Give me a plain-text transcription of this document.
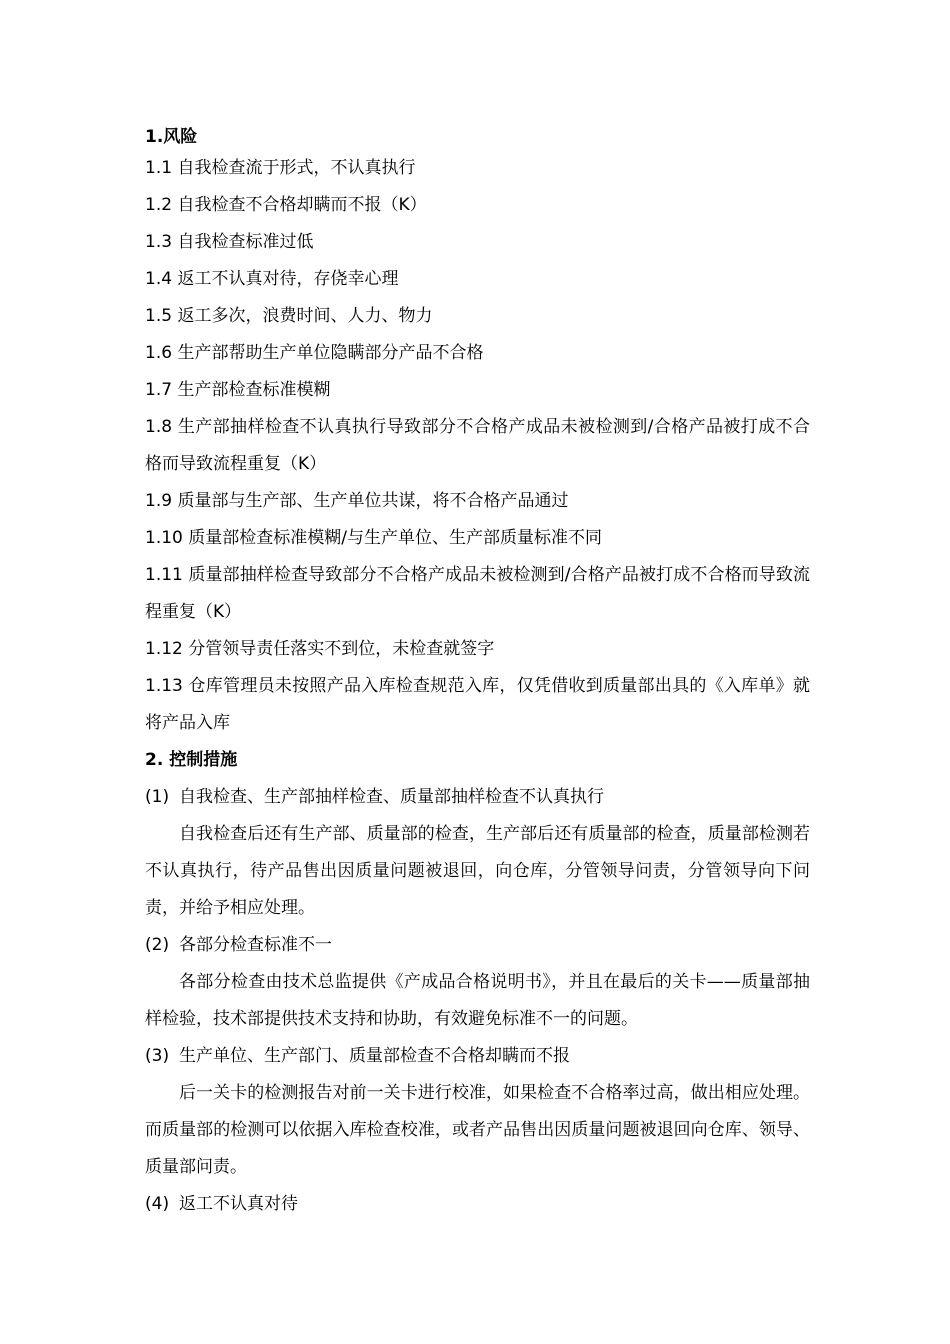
1.风险
1.1 自我检查流于形式，不认真执行
1.2 自我检查不合格却瞒而不报（K）
1.3 自我检查标准过低
1.4 返工不认真对待，存侥幸心理
1.5 返工多次，浪费时间、人力、物力
1.6 生产部帮助生产单位隐瞒部分产品不合格
1.7 生产部检查标准模糊
1.8 生产部抽样检查不认真执行导致部分不合格产成品未被检测到/合格产品被打成不合格而导致流程重复（K）
1.9 质量部与生产部、生产单位共谋，将不合格产品通过
1.10 质量部检查标准模糊/与生产单位、生产部质量标准不同
1.11 质量部抽样检查导致部分不合格产成品未被检测到/合格产品被打成不合格而导致流程重复（K）
1.12 分管领导责任落实不到位，未检查就签字
1.13 仓库管理员未按照产品入库检查规范入库，仅凭借收到质量部出具的《入库单》就将产品入库
2. 控制措施
(1) 自我检查、生产部抽样检查、质量部抽样检查不认真执行
自我检查后还有生产部、质量部的检查，生产部后还有质量部的检查，质量部检测若不认真执行，待产品售出因质量问题被退回，向仓库，分管领导问责，分管领导向下问责，并给予相应处理。
(2) 各部分检查标准不一
各部分检查由技术总监提供《产成品合格说明书》，并且在最后的关卡——质量部抽样检验，技术部提供技术支持和协助，有效避免标准不一的问题。
(3) 生产单位、生产部门、质量部检查不合格却瞒而不报
后一关卡的检测报告对前一关卡进行校准，如果检查不合格率过高，做出相应处理。而质量部的检测可以依据入库检查校准，或者产品售出因质量问题被退回向仓库、领导、质量部问责。
(4) 返工不认真对待
